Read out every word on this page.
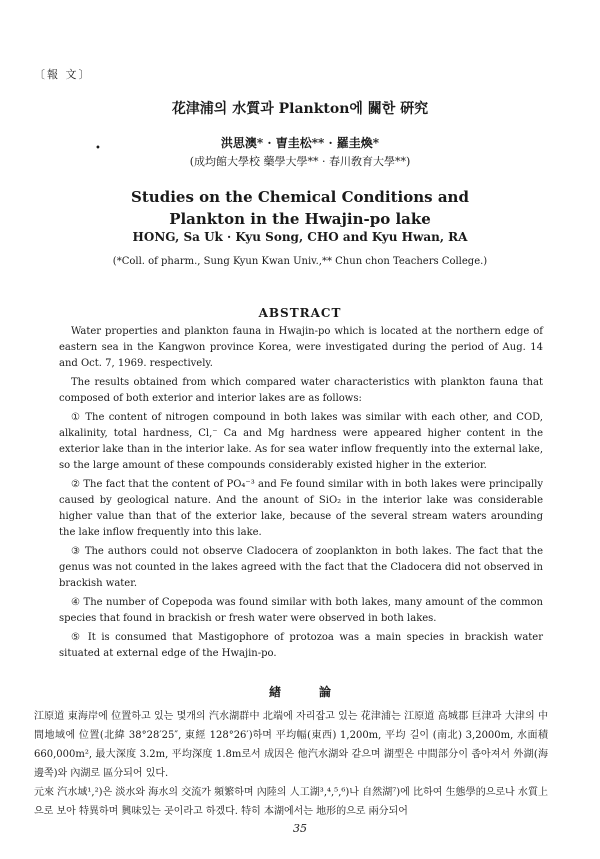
〔報 文〕
花津浦의 水質과 Plankton에 關한 硏究
•	洪思澳* · 曺圭松** · 羅圭煥*
(成均館大學校 藥學大學** · 春川敎育大學**)
Studies on the Chemical Conditions and
Plankton in the Hwajin-po lake
HONG, Sa Uk · Kyu Song, CHO and Kyu Hwan, RA
(*Coll. of pharm., Sung Kyun Kwan Univ.,** Chun chon Teachers College.)
ABSTRACT

Water properties and plankton fauna in Hwajin-po which is located at the northern edge of eastern sea in the Kangwon province Korea, were investigated during the period of Aug. 14 and Oct. 7, 1969. respectively.

The results obtained from which compared water characteristics with plankton fauna that composed of both exterior and interior lakes are as follows:

① The content of nitrogen compound in both lakes was similar with each other, and COD, alkalinity, total hardness, Cl,⁻ Ca and Mg hardness were appeared higher content in the exterior lake than in the interior lake. As for sea water inflow frequently into the external lake, so the large amount of these compounds considerably existed higher in the exterior.

② The fact that the content of PO₄⁻³ and Fe found similar with in both lakes were principally caused by geological nature. And the anount of SiO₂ in the interior lake was considerable higher value than that of the exterior lake, because of the several stream waters arounding the lake inflow frequently into this lake.

③ The authors could not observe Cladocera of zooplankton in both lakes. The fact that the genus was not counted in the lakes agreed with the fact that the Cladocera did not observed in brackish water.

④ The number of Copepoda was found similar with both lakes, many amount of the common species that found in brackish or fresh water were observed in both lakes.

⑤ It is consumed that Mastigophore of protozoa was a main species in brackish water situated at external edge of the Hwajin-po.

緖論

江原道 東海岸에 位置하고 있는 몇개의 汽水湖群中 北端에 자리잡고 있는 花津浦는 江原道 高城郡 巨津과 大津의 中間地域에 位置(北緯 38°28′25″, 東經 128°26′)하며 平均幅(東西) 1,200m, 平均 길이 (南北) 3,2000m, 水面積 660,000m², 最大深度 3.2m, 平均深度 1.8m로서 成因은 他汽水湖와 같으며 湖型은 中間部分이 좁아져서 外湖(海邊쪽)와 內湖로 區分되어 있다.

元來 汽水域¹,²)은 淡水와 海水의 交流가 頻繁하며 內陸의 人工湖³,⁴,⁵,⁶)나 自然湖⁷)에 比하여 生態學的으로나 水質上으로 보아 特異하며 興味있는 곳이라고 하겠다. 特히 本湖에서는 地形的으로 兩分되어

35
